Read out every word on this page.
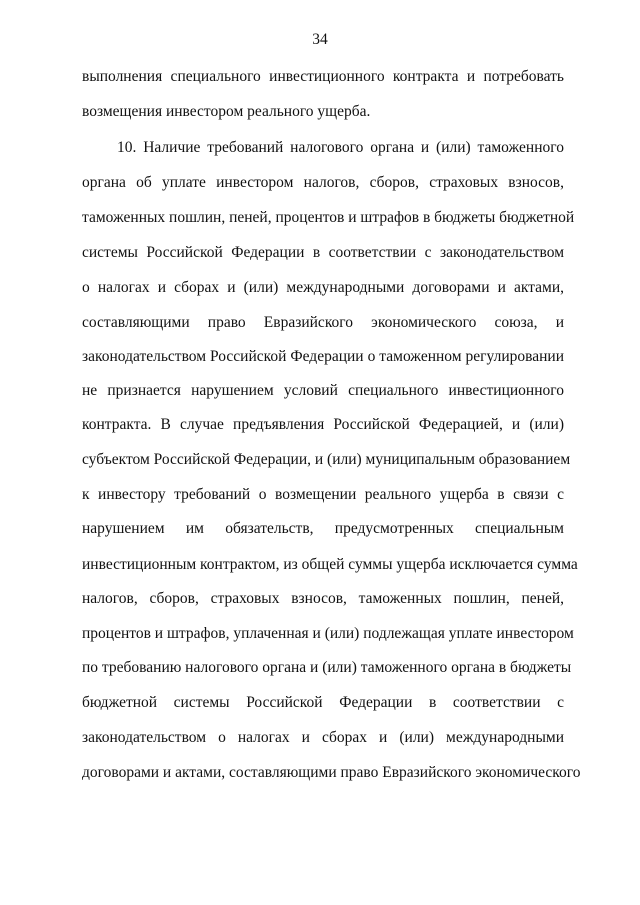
34
выполнения специального инвестиционного контракта и потребовать
возмещения инвестором реального ущерба.
10. Наличие требований налогового органа и (или) таможенного
органа об уплате инвестором налогов, сборов, страховых взносов,
таможенных пошлин, пеней, процентов и штрафов в бюджеты бюджетной
системы Российской Федерации в соответствии с законодательством
о налогах и сборах и (или) международными договорами и актами,
составляющими право Евразийского экономического союза, и
законодательством Российской Федерации о таможенном регулировании
не признается нарушением условий специального инвестиционного
контракта. В случае предъявления Российской Федерацией, и (или)
субъектом Российской Федерации, и (или) муниципальным образованием
к инвестору требований о возмещении реального ущерба в связи с
нарушением им обязательств, предусмотренных специальным
инвестиционным контрактом, из общей суммы ущерба исключается сумма
налогов, сборов, страховых взносов, таможенных пошлин, пеней,
процентов и штрафов, уплаченная и (или) подлежащая уплате инвестором
по требованию налогового органа и (или) таможенного органа в бюджеты
бюджетной системы Российской Федерации в соответствии с
законодательством о налогах и сборах и (или) международными
договорами и актами, составляющими право Евразийского экономического
